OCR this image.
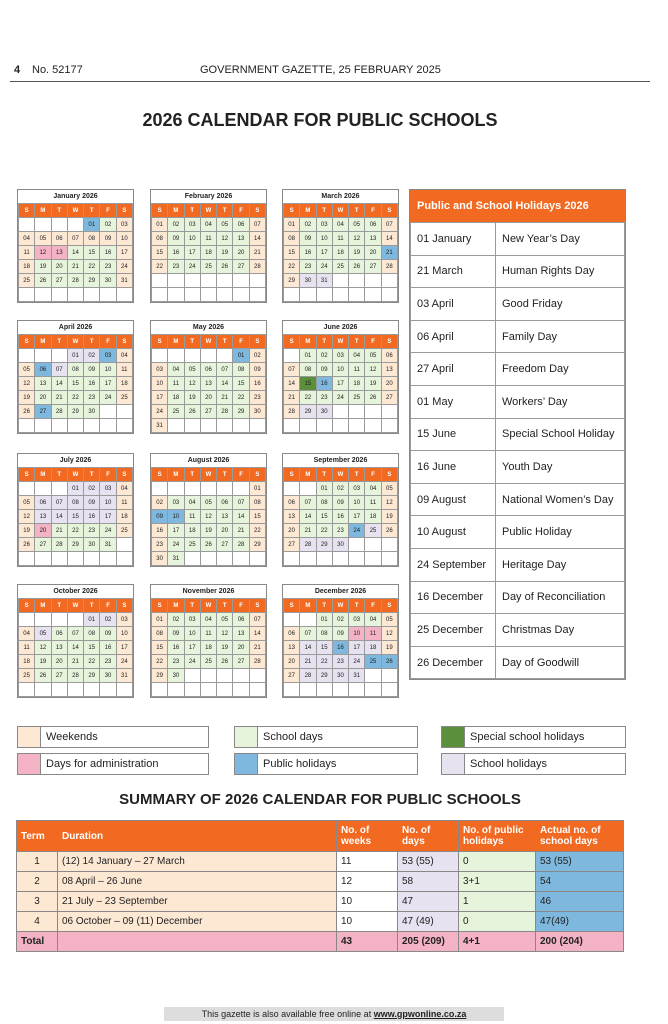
4 No. 52177	GOVERNMENT GAZETTE, 25 FEBRUARY 2025
2026 CALENDAR FOR PUBLIC SCHOOLS
January 2026
S	M	T	W	T	F	S
				01	02	03
04	05	06	07	08	09	10
11	12	13	14	15	16	17
18	19	20	21	22	23	24
25	26	27	28	29	30	31

February 2026
S	M	T	W	T	F	S
01	02	03	04	05	06	07
08	09	10	11	12	13	14
15	16	17	18	19	20	21
22	23	24	25	26	27	28

March 2026
S	M	T	W	T	F	S
01	02	03	04	05	06	07
08	09	10	11	12	13	14
15	16	17	18	19	20	21
22	23	24	25	26	27	28
29	30	31				

April 2026
S	M	T	W	T	F	S
			01	02	03	04
05	06	07	08	09	10	11
12	13	14	15	16	17	18
19	20	21	22	23	24	25
26	27	28	29	30		

May 2026
S	M	T	W	T	F	S
					01	02
03	04	05	06	07	08	09
10	11	12	13	14	15	16
17	18	19	20	21	22	23
24	25	26	27	28	29	30
31						
June 2026
S	M	T	W	T	F	S
	01	02	03	04	05	06
07	08	09	10	11	12	13
14	15	16	17	18	19	20
21	22	23	24	25	26	27
28	29	30				

July 2026
S	M	T	W	T	F	S
			01	02	03	04
05	06	07	08	09	10	11
12	13	14	15	16	17	18
19	20	21	22	23	24	25
26	27	28	29	30	31	

August 2026
S	M	T	W	T	F	S
						01
02	03	04	05	06	07	08
09	10	11	12	13	14	15
16	17	18	19	20	21	22
23	24	25	26	27	28	29
30	31					
September 2026
S	M	T	W	T	F	S
		01	02	03	04	05
06	07	08	09	10	11	12
13	14	15	16	17	18	19
20	21	22	23	24	25	26
27	28	29	30			

October 2026
S	M	T	W	T	F	S
				01	02	03
04	05	06	07	08	09	10
11	12	13	14	15	16	17
18	19	20	21	22	23	24
25	26	27	28	29	30	31

November 2026
S	M	T	W	T	F	S
01	02	03	04	05	06	07
08	09	10	11	12	13	14
15	16	17	18	19	20	21
22	23	24	25	26	27	28
29	30					

December 2026
S	M	T	W	T	F	S
		01	02	03	04	05
06	07	08	09	10	11	12
13	14	15	16	17	18	19
20	21	22	23	24	25	26
27	28	29	30	31		

Public and School Holidays 2026
01 January	New Year’s Day
21 March	Human Rights Day
03 April	Good Friday
06 April	Family Day
27 April	Freedom Day
01 May	Workers’ Day
15 June	Special School Holiday
16 June	Youth Day
09 August	National Women’s Day
10 August	Public Holiday
24 September	Heritage Day
16 December	Day of Reconciliation
25 December	Christmas Day
26 December	Day of Goodwill
Weekends	School days	Special school holidays
Days for administration	Public holidays	School holidays
SUMMARY OF 2026 CALENDAR FOR PUBLIC SCHOOLS
Term	Duration	No. of weeks	No. of days	No. of public holidays	Actual no. of school days
1	(12) 14 January – 27 March	11	53 (55)	0	53 (55)
2	08 April – 26 June	12	58	3+1	54
3	21 July – 23 September	10	47	1	46
4	06 October – 09 (11) December	10	47 (49)	0	47(49)
Total		43	205 (209)	4+1	200 (204)
This gazette is also available free online at www.gpwonline.co.za
